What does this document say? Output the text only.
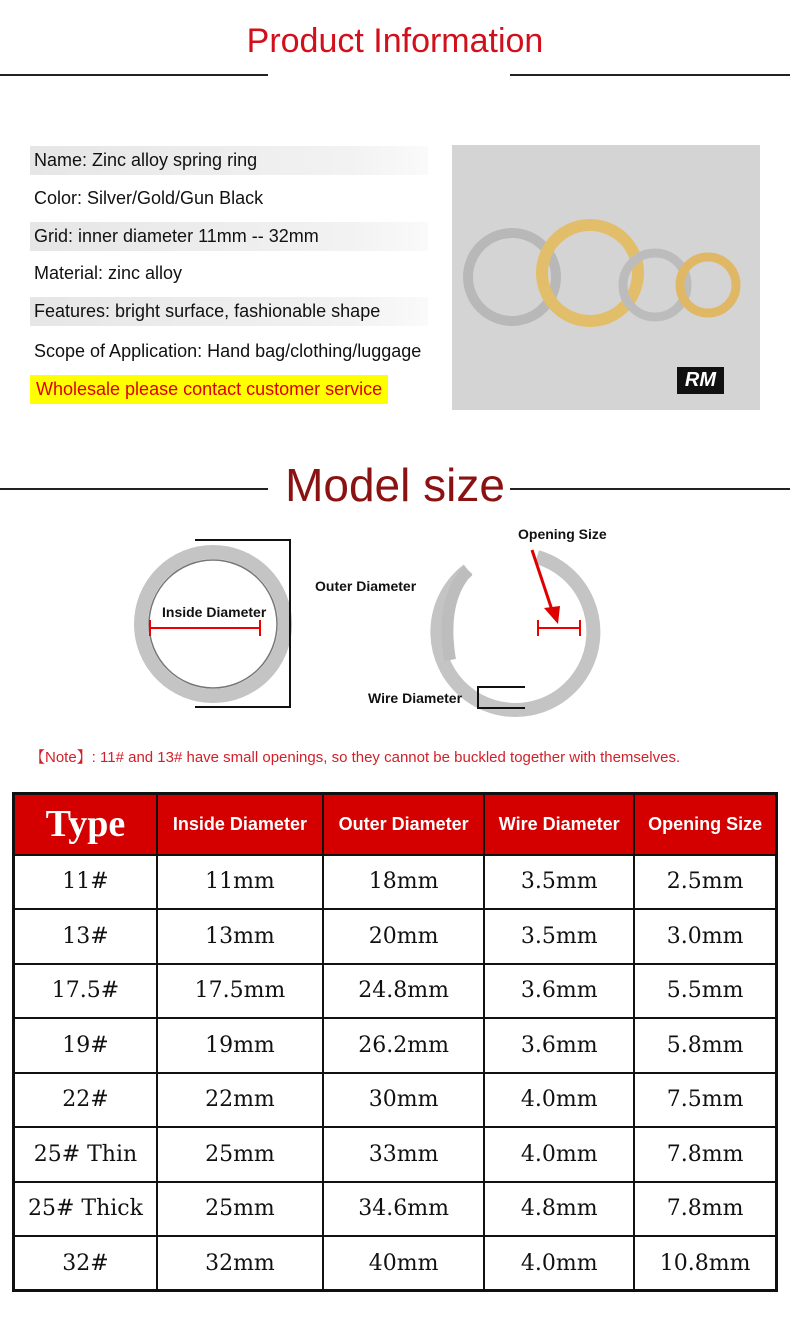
Product Information
Name: Zinc alloy spring ring
Color: Silver/Gold/Gun Black
Grid: inner diameter 11mm -- 32mm
Material: zinc alloy
Features: bright surface, fashionable shape
Scope of Application: Hand bag/clothing/luggage
Wholesale please contact customer service	RM
Model size
Inside Diameter
Outer Diameter
Opening Size
Wire Diameter
【Note】: 11# and 13# have small openings, so they cannot be buckled together with themselves.
Type	Inside Diameter	Outer Diameter	Wire Diameter	Opening Size
11#	11mm	18mm	3.5mm	2.5mm
13#	13mm	20mm	3.5mm	3.0mm
17.5#	17.5mm	24.8mm	3.6mm	5.5mm
19#	19mm	26.2mm	3.6mm	5.8mm
22#	22mm	30mm	4.0mm	7.5mm
25# Thin	25mm	33mm	4.0mm	7.8mm
25# Thick	25mm	34.6mm	4.8mm	7.8mm
32#	32mm	40mm	4.0mm	10.8mm
